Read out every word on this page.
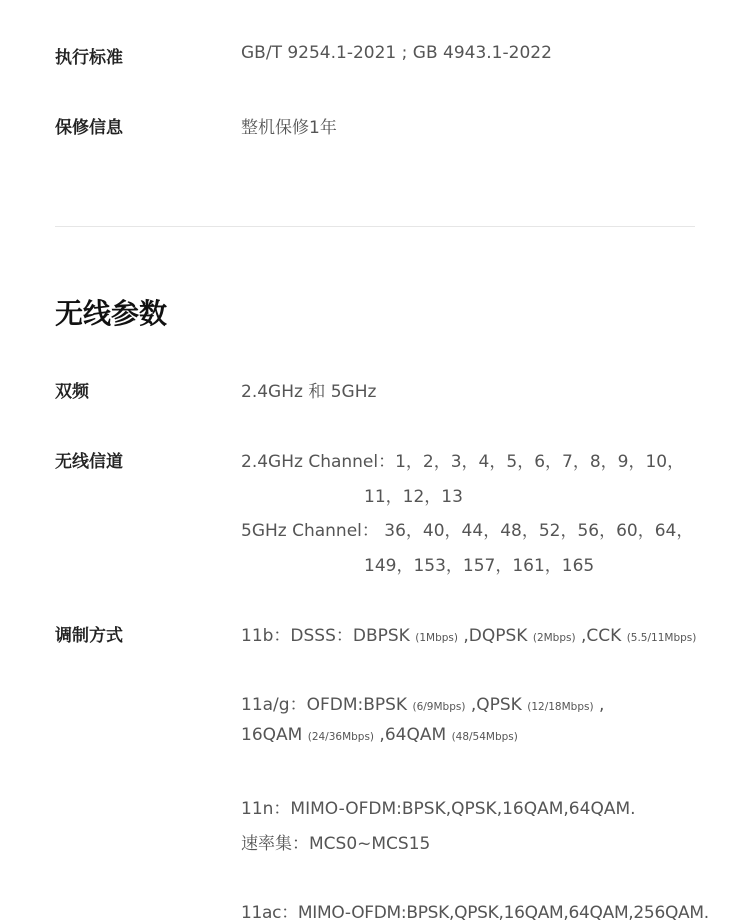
执行标准	GB/T 9254.1-2021 ; GB 4943.1-2022
保修信息	整机保修1年
无线参数
双频	2.4GHz 和 5GHz
无线信道	2.4GHz Channel：1，2，3，4，5，6，7，8，9，10，
11，12，13
5GHz Channel： 36，40，44，48，52，56，60，64，
149，153，157，161，165
调制方式	11b：DSSS：DBPSK (1Mbps) ,DQPSK (2Mbps) ,CCK (5.5/11Mbps)
11a/g：OFDM:BPSK (6/9Mbps) ,QPSK (12/18Mbps) ,
16QAM (24/36Mbps) ,64QAM (48/54Mbps)
11n：MIMO-OFDM:BPSK,QPSK,16QAM,64QAM.
速率集：MCS0~MCS15
11ac：MIMO-OFDM:BPSK,QPSK,16QAM,64QAM,256QAM.
